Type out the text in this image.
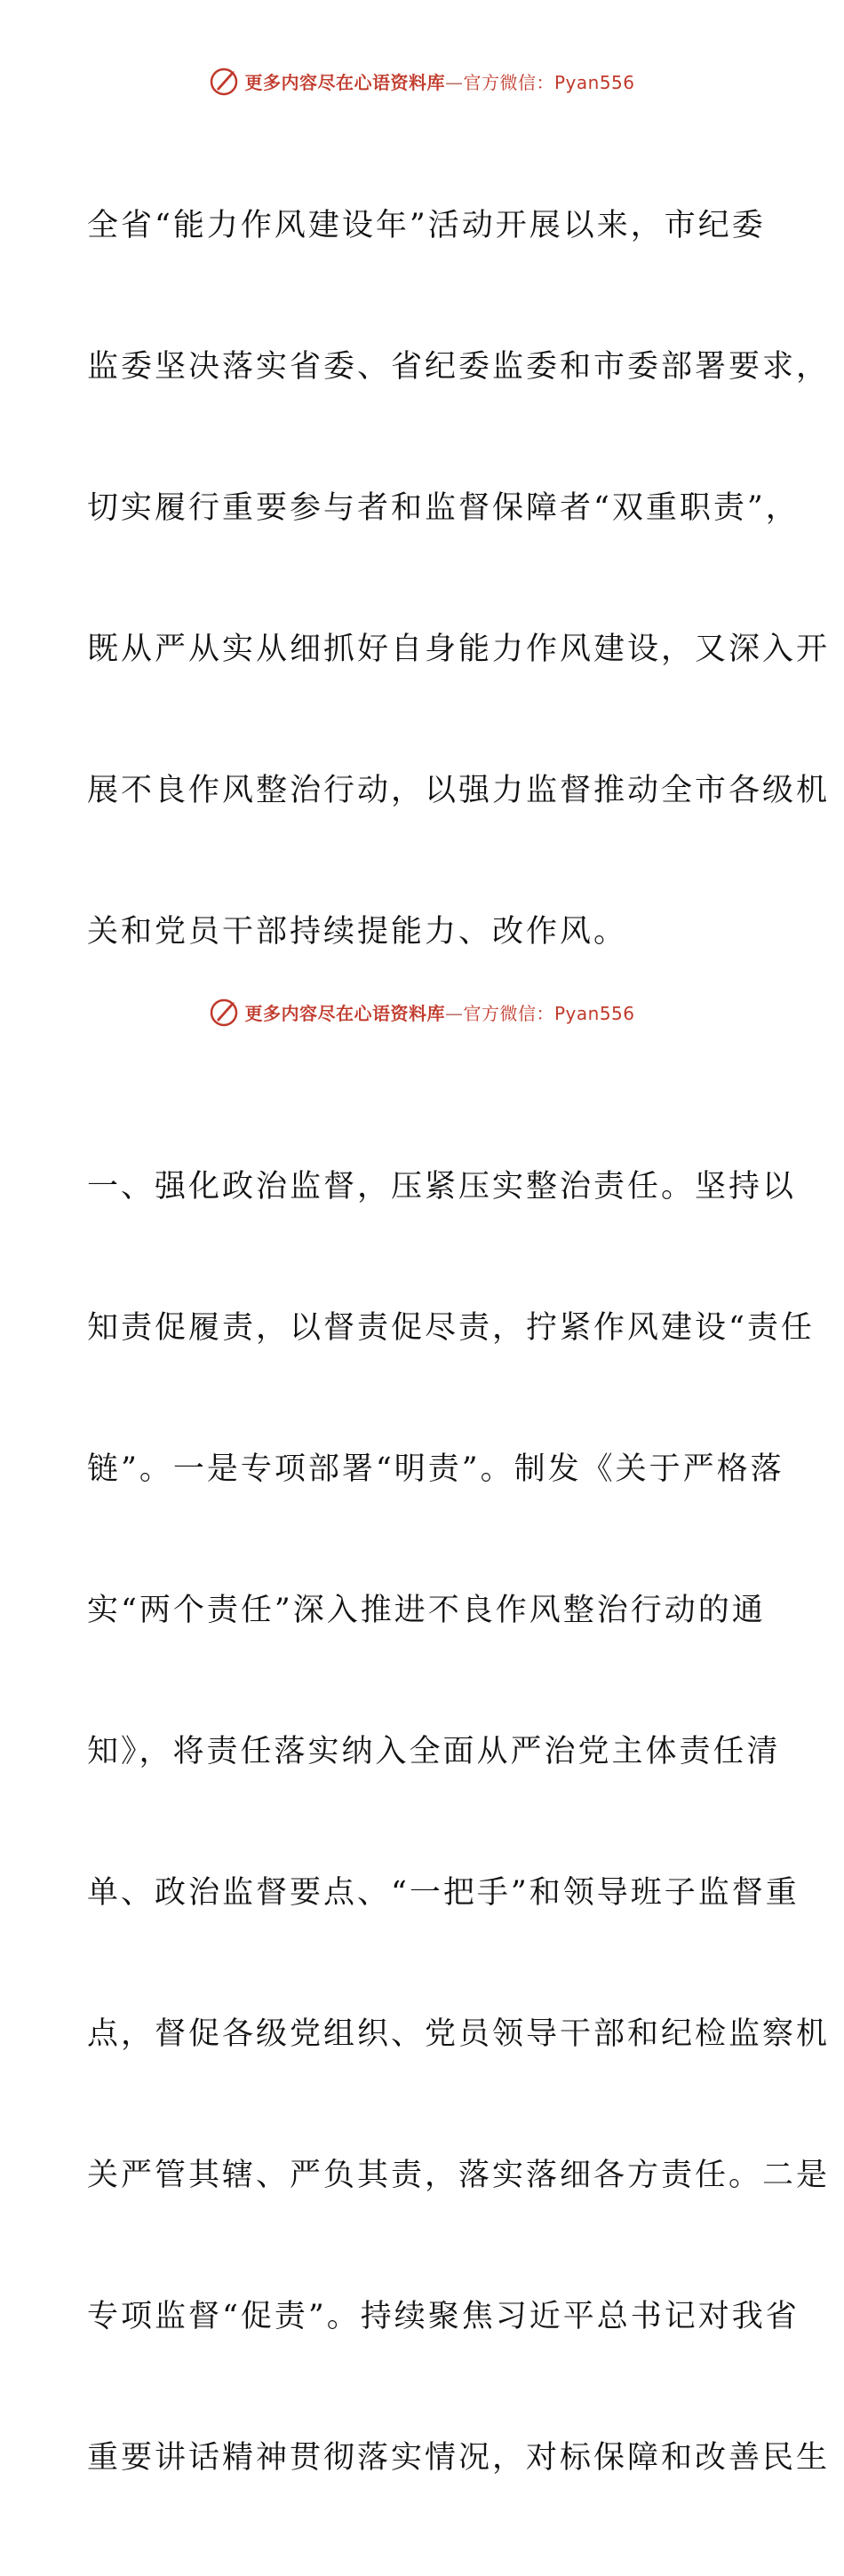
更多内容尽在心语资料库—官方微信：Pyan556

全省“能力作风建设年”活动开展以来，市纪委

监委坚决落实省委、省纪委监委和市委部署要求，

切实履行重要参与者和监督保障者“双重职责”，

既从严从实从细抓好自身能力作风建设，又深入开

展不良作风整治行动，以强力监督推动全市各级机

关和党员干部持续提能力、改作风。

一、强化政治监督，压紧压实整治责任。坚持以

知责促履责，以督责促尽责，拧紧作风建设“责任

链”。一是专项部署“明责”。制发《关于严格落

实“两个责任”深入推进不良作风整治行动的通

知》，将责任落实纳入全面从严治党主体责任清

单、政治监督要点、“一把手”和领导班子监督重

点，督促各级党组织、党员领导干部和纪检监察机

关严管其辖、严负其责，落实落细各方责任。二是

专项监督“促责”。持续聚焦习近平总书记对我省

重要讲话精神贯彻落实情况，对标保障和改善民生

更多内容尽在心语资料库—官方微信：Pyan556
